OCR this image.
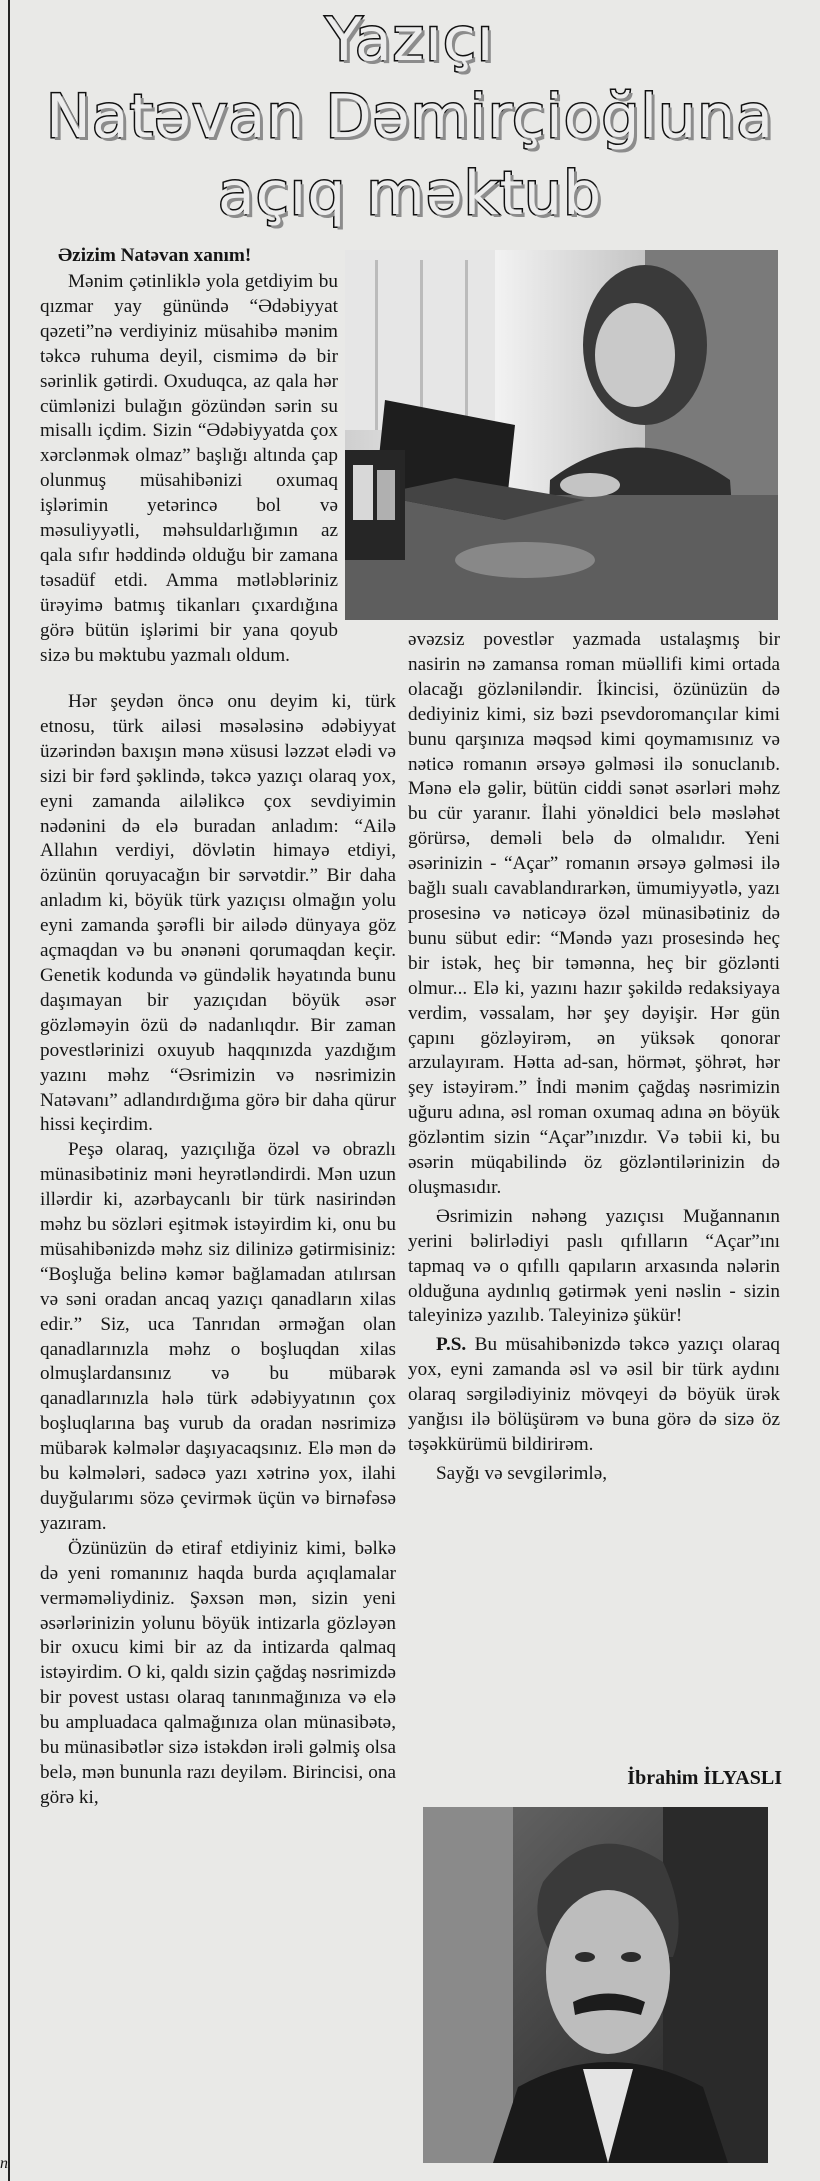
n
Yazıçı
Natəvan Dəmirçioğluna
açıq məktub

Əzizim Natəvan xanım!

Mənim çətinliklə yola getdiyim bu qızmar yay günündə “Ədəbiyyat qəzeti”nə verdiyiniz müsahibə mənim təkcə ruhuma deyil, cismimə də bir sərinlik gətirdi. Oxuduqca, az qala hər cümlənizi bulağın gözündən sərin su misallı içdim. Sizin “Ədəbiyyatda çox xərclənmək olmaz” başlığı altında çap olunmuş müsahibənizi oxumaq işlərimin yetərincə bol və məsuliyyətli, məhsuldarlığımın az qala sıfır həddində olduğu bir zamana təsadüf etdi. Amma mətləbləriniz ürəyimə batmış tikanları çıxardığına görə bütün işlərimi bir yana qoyub sizə bu məktubu yazmalı oldum.

Hər şeydən öncə onu deyim ki, türk etnosu, türk ailəsi məsələsinə ədəbiyyat üzərindən baxışın mənə xüsusi ləzzət elədi və sizi bir fərd şəklində, təkcə yazıçı olaraq yox, eyni zamanda ailəlikcə çox sevdiyimin nədənini də elə buradan anladım: “Ailə Allahın verdiyi, dövlətin himayə etdiyi, özünün qoruyacağın bir sərvətdir.” Bir daha anladım ki, böyük türk yazıçısı olmağın yolu eyni zamanda şərəfli bir ailədə dünyaya göz açmaqdan və bu ənənəni qorumaqdan keçir. Genetik kodunda və gündəlik həyatında bunu daşımayan bir yazıçıdan böyük əsər gözləməyin özü də nadanlıqdır. Bir zaman povestlərinizi oxuyub haqqınızda yazdığım yazını məhz “Əsrimizin və nəsrimizin Natəvanı” adlandırdığıma görə bir daha qürur hissi keçirdim.

Peşə olaraq, yazıçılığa özəl və obrazlı münasibətiniz məni heyrətləndirdi. Mən uzun illərdir ki, azərbaycanlı bir türk nasirindən məhz bu sözləri eşitmək istəyirdim ki, onu bu müsahibənizdə məhz siz dilinizə gətirmisiniz: “Boşluğa belinə kəmər bağlamadan atılırsan və səni oradan ancaq yazıçı qanadların xilas edir.” Siz, uca Tanrıdan ərməğan olan qanadlarınızla məhz o boşluqdan xilas olmuşlardansınız və bu mübarək qanadlarınızla hələ türk ədəbiyyatının çox boşluqlarına baş vurub da oradan nəsrimizə mübarək kəlmələr daşıyacaqsınız. Elə mən də bu kəlmələri, sadəcə yazı xətrinə yox, ilahi duyğularımı sözə çevirmək üçün və birnəfəsə yazıram.

Özünüzün də etiraf etdiyiniz kimi, bəlkə də yeni romanınız haqda burda açıqlamalar verməməliydiniz. Şəxsən mən, sizin yeni əsərlərinizin yolunu böyük intizarla gözləyən bir oxucu kimi bir az da intizarda qalmaq istəyirdim. O ki, qaldı sizin çağdaş nəsrimizdə bir povest ustası olaraq tanınmağınıza və elə bu ampluadaca qalmağınıza olan münasibətə, bu münasibətlər sizə istəkdən irəli gəlmiş olsa belə, mən bununla razı deyiləm. Birincisi, ona görə ki,

əvəzsiz povestlər yazmada ustalaşmış bir nasirin nə zamansa roman müəllifi kimi ortada olacağı gözləniləndir. İkincisi, özünüzün də dediyiniz kimi, siz bəzi psevdoromançılar kimi bunu qarşınıza məqsəd kimi qoymamısınız və nəticə romanın ərsəyə gəlməsi ilə sonuclanıb. Mənə elə gəlir, bütün ciddi sənət əsərləri məhz bu cür yaranır. İlahi yönəldici belə məsləhət görürsə, deməli belə də olmalıdır. Yeni əsərinizin - “Açar” romanın ərsəyə gəlməsi ilə bağlı sualı cavablandırarkən, ümumiyyətlə, yazı prosesinə və nəticəyə özəl münasibətiniz də bunu sübut edir: “Məndə yazı prosesində heç bir istək, heç bir təmənna, heç bir gözlənti olmur... Elə ki, yazını hazır şəkildə redaksiyaya verdim, vəssalam, hər şey dəyişir. Hər gün çapını gözləyirəm, ən yüksək qonorar arzulayıram. Hətta ad-san, hörmət, şöhrət, hər şey istəyirəm.” İndi mənim çağdaş nəsrimizin uğuru adına, əsl roman oxumaq adına ən böyük gözləntim sizin “Açar”ınızdır. Və təbii ki, bu əsərin müqabilində öz gözləntilərinizin də oluşmasıdır.

Əsrimizin nəhəng yazıçısı Muğannanın yerini bəlirlədiyi paslı qıfılların “Açar”ını tapmaq və o qıfıllı qapıların arxasında nələrin olduğuna aydınlıq gətirmək yeni nəslin - sizin taleyinizə yazılıb. Taleyinizə şükür!

P.S. Bu müsahibənizdə təkcə yazıçı olaraq yox, eyni zamanda əsl və əsil bir türk aydını olaraq sərgilədiyiniz mövqeyi də böyük ürək yanğısı ilə bölüşürəm və buna görə də sizə öz təşəkkürümü bildirirəm.

Sayğı və sevgilərimlə,

İbrahim İLYASLI
